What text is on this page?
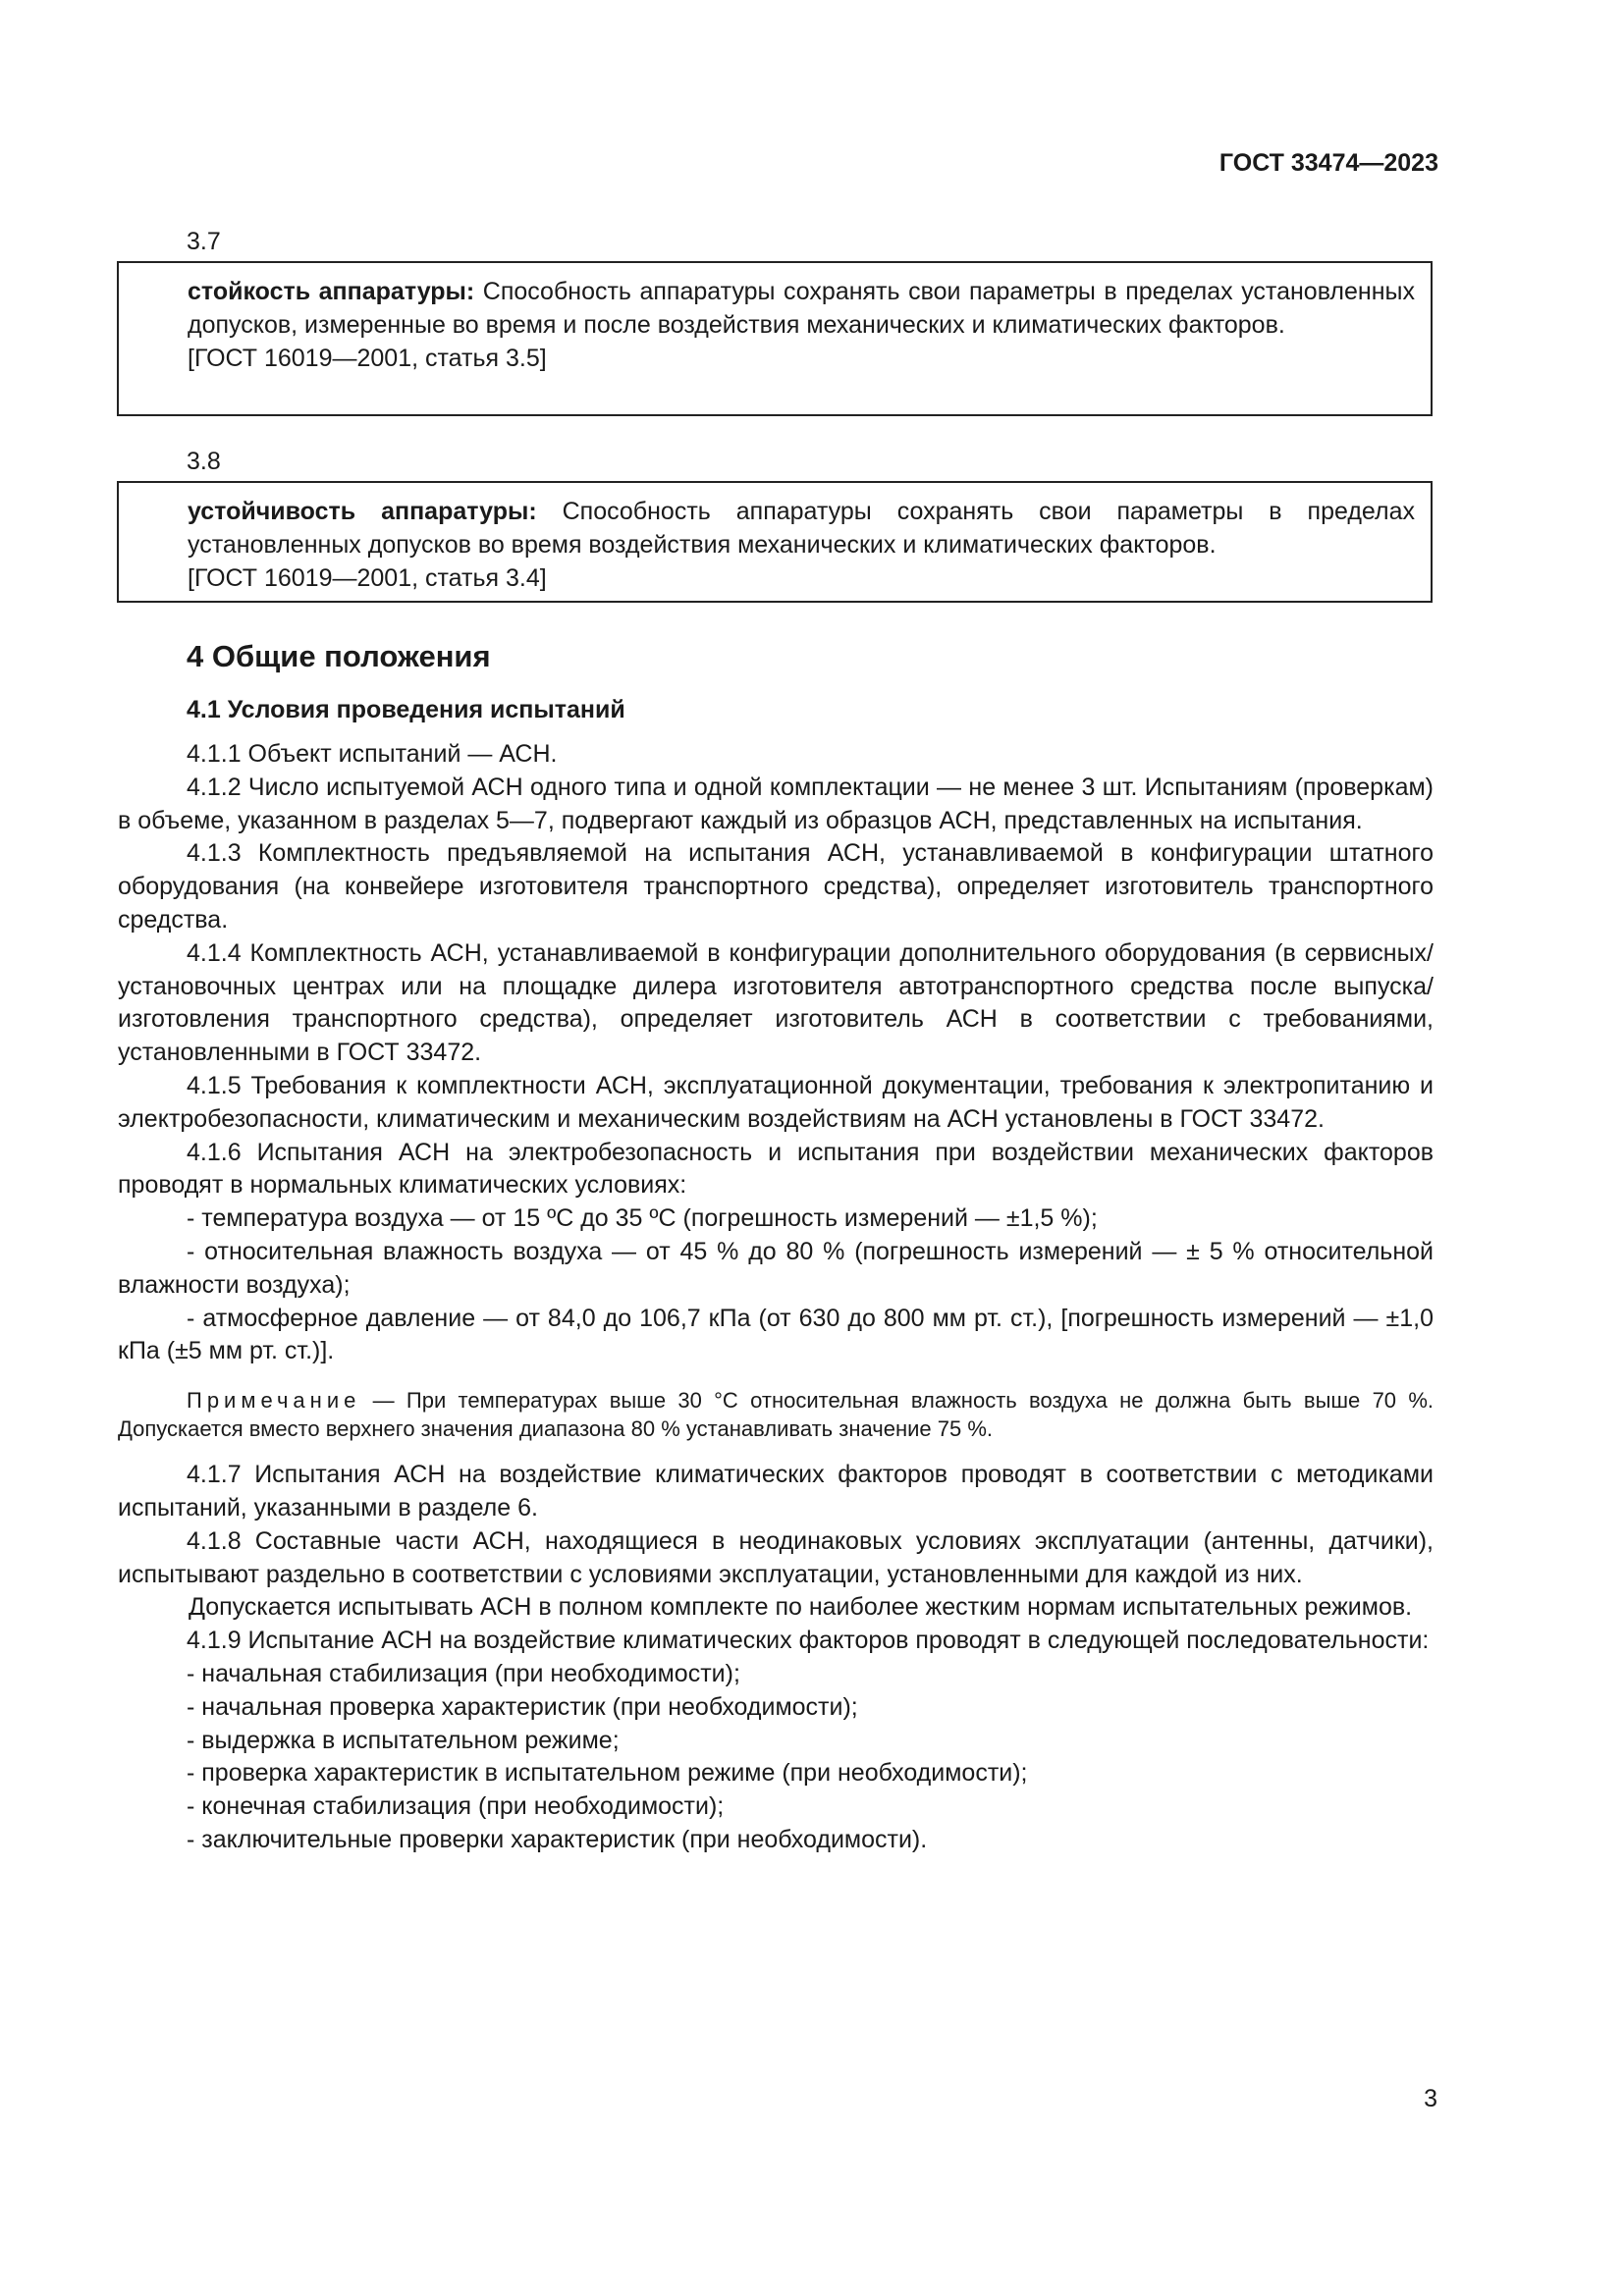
ГОСТ 33474—2023
3.7
стойкость аппаратуры: Способность аппаратуры сохранять свои параметры в пределах установленных допусков, измеренные во время и после воздействия механических и климатических факторов.
[ГОСТ 16019—2001, статья 3.5]
3.8
устойчивость аппаратуры: Способность аппаратуры сохранять свои параметры в пределах установленных допусков во время воздействия механических и климатических факторов.
[ГОСТ 16019—2001, статья 3.4]
4 Общие положения
4.1 Условия проведения испытаний

4.1.1 Объект испытаний — АСН.

4.1.2 Число испытуемой АСН одного типа и одной комплектации — не менее 3 шт. Испытаниям (проверкам) в объеме, указанном в разделах 5—7, подвергают каждый из образцов АСН, представленных на испытания.

4.1.3 Комплектность предъявляемой на испытания АСН, устанавливаемой в конфигурации штатного оборудования (на конвейере изготовителя транспортного средства), определяет изготовитель транспортного средства.

4.1.4 Комплектность АСН, устанавливаемой в конфигурации дополнительного оборудования (в сервисных/установочных центрах или на площадке дилера изготовителя автотранспортного средства после выпуска/изготовления транспортного средства), определяет изготовитель АСН в соответствии с требованиями, установленными в ГОСТ 33472.

4.1.5 Требования к комплектности АСН, эксплуатационной документации, требования к электропитанию и электробезопасности, климатическим и механическим воздействиям на АСН установлены в ГОСТ 33472.

4.1.6 Испытания АСН на электробезопасность и испытания при воздействии механических факторов проводят в нормальных климатических условиях:

- температура воздуха — от 15 ºС до 35 ºС (погрешность измерений — ±1,5 %);
- относительная влажность воздуха — от 45 % до 80 % (погрешность измерений — ± 5 % относительной влажности воздуха);
- атмосферное давление — от 84,0 до 106,7 кПа (от 630 до 800 мм рт. ст.), [погрешность измерений — ±1,0 кПа (±5 мм рт. ст.)].
Примечание — При температурах выше 30 °С относительная влажность воздуха не должна быть выше 70 %. Допускается вместо верхнего значения диапазона 80 % устанавливать значение 75 %.

4.1.7 Испытания АСН на воздействие климатических факторов проводят в соответствии с методиками испытаний, указанными в разделе 6.

4.1.8 Составные части АСН, находящиеся в неодинаковых условиях эксплуатации (антенны, датчики), испытывают раздельно в соответствии с условиями эксплуатации, установленными для каждой из них.

Допускается испытывать АСН в полном комплекте по наиболее жестким нормам испытательных режимов.

4.1.9 Испытание АСН на воздействие климатических факторов проводят в следующей последовательности:

- начальная стабилизация (при необходимости);
- начальная проверка характеристик (при необходимости);
- выдержка в испытательном режиме;
- проверка характеристик в испытательном режиме (при необходимости);
- конечная стабилизация (при необходимости);
- заключительные проверки характеристик (при необходимости).
3
